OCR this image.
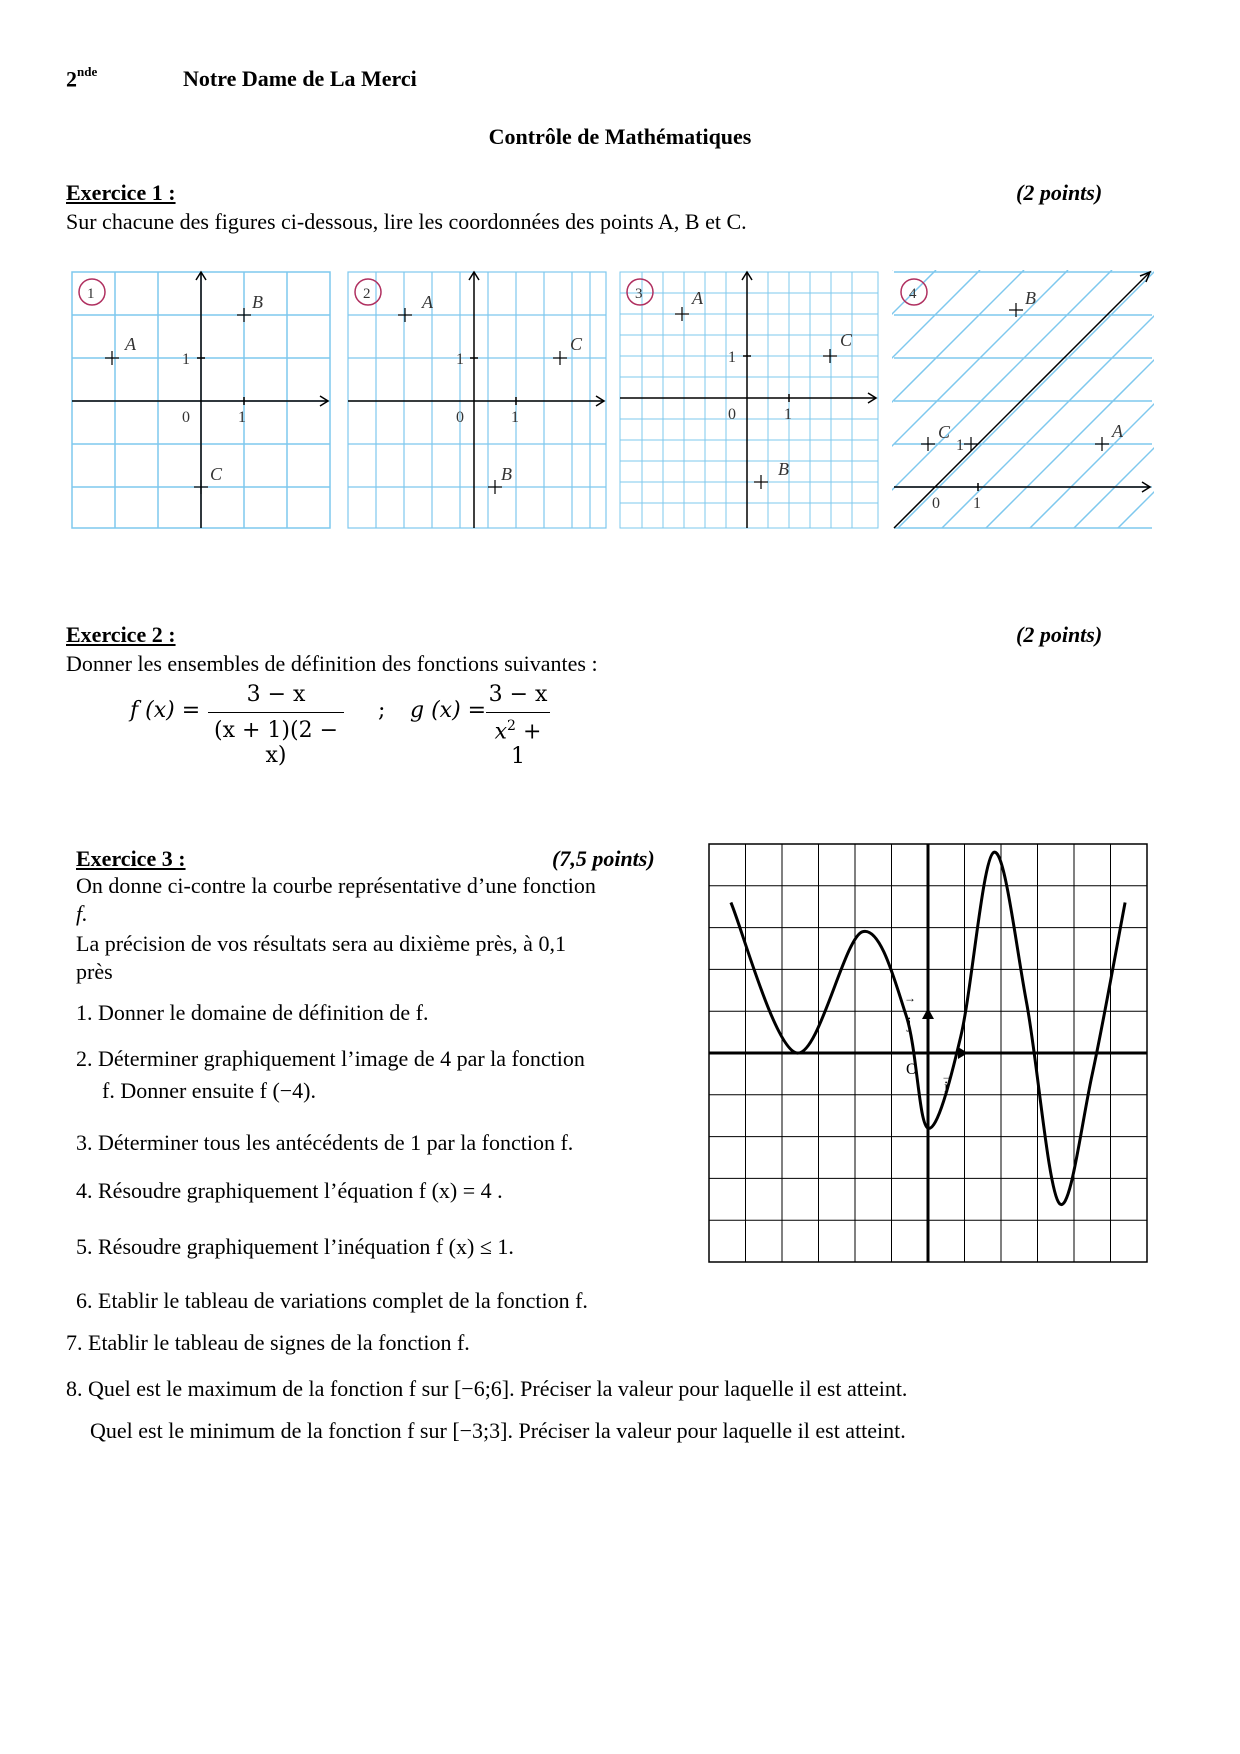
2nde	Notre Dame de La Merci
Contrôle de Mathématiques
Exercice 1 :	(2 points)
Sur chacune des figures ci-dessous, lire les coordonnées des points A, B et C.
1
A
B
C
0	1
1
2	A
B
C
0	1
1
3	A
B
C
0	1
1
4
A
B
C
0 1
1
Exercice 2 :	(2 points)
Donner les ensembles de définition des fonctions suivantes :
f (x) =
3 − x
(x + 1)(2 − x)
; g (x) =
3 − x
$x^2 + 1$
Exercice 3 :	(7,5 points)
On donne ci-contre la courbe représentative d’une fonction
f.
La précision de vos résultats sera au dixième près, à 0,1
près
1. Donner le domaine de définition de f.
2. Déterminer graphiquement l’image de 4 par la fonction
f. Donner ensuite f (−4).
3. Déterminer tous les antécédents de 1 par la fonction f.
4. Résoudre graphiquement l’équation f (x) = 4 .
5. Résoudre graphiquement l’inéquation f (x) ≤ 1.
6. Etablir le tableau de variations complet de la fonction f.
7. Etablir le tableau de signes de la fonction f.
8. Quel est le maximum de la fonction f sur [−6;6]. Préciser la valeur pour laquelle il est atteint.
Quel est le minimum de la fonction f sur [−3;3]. Préciser la valeur pour laquelle il est atteint.
→
j
O →
i
